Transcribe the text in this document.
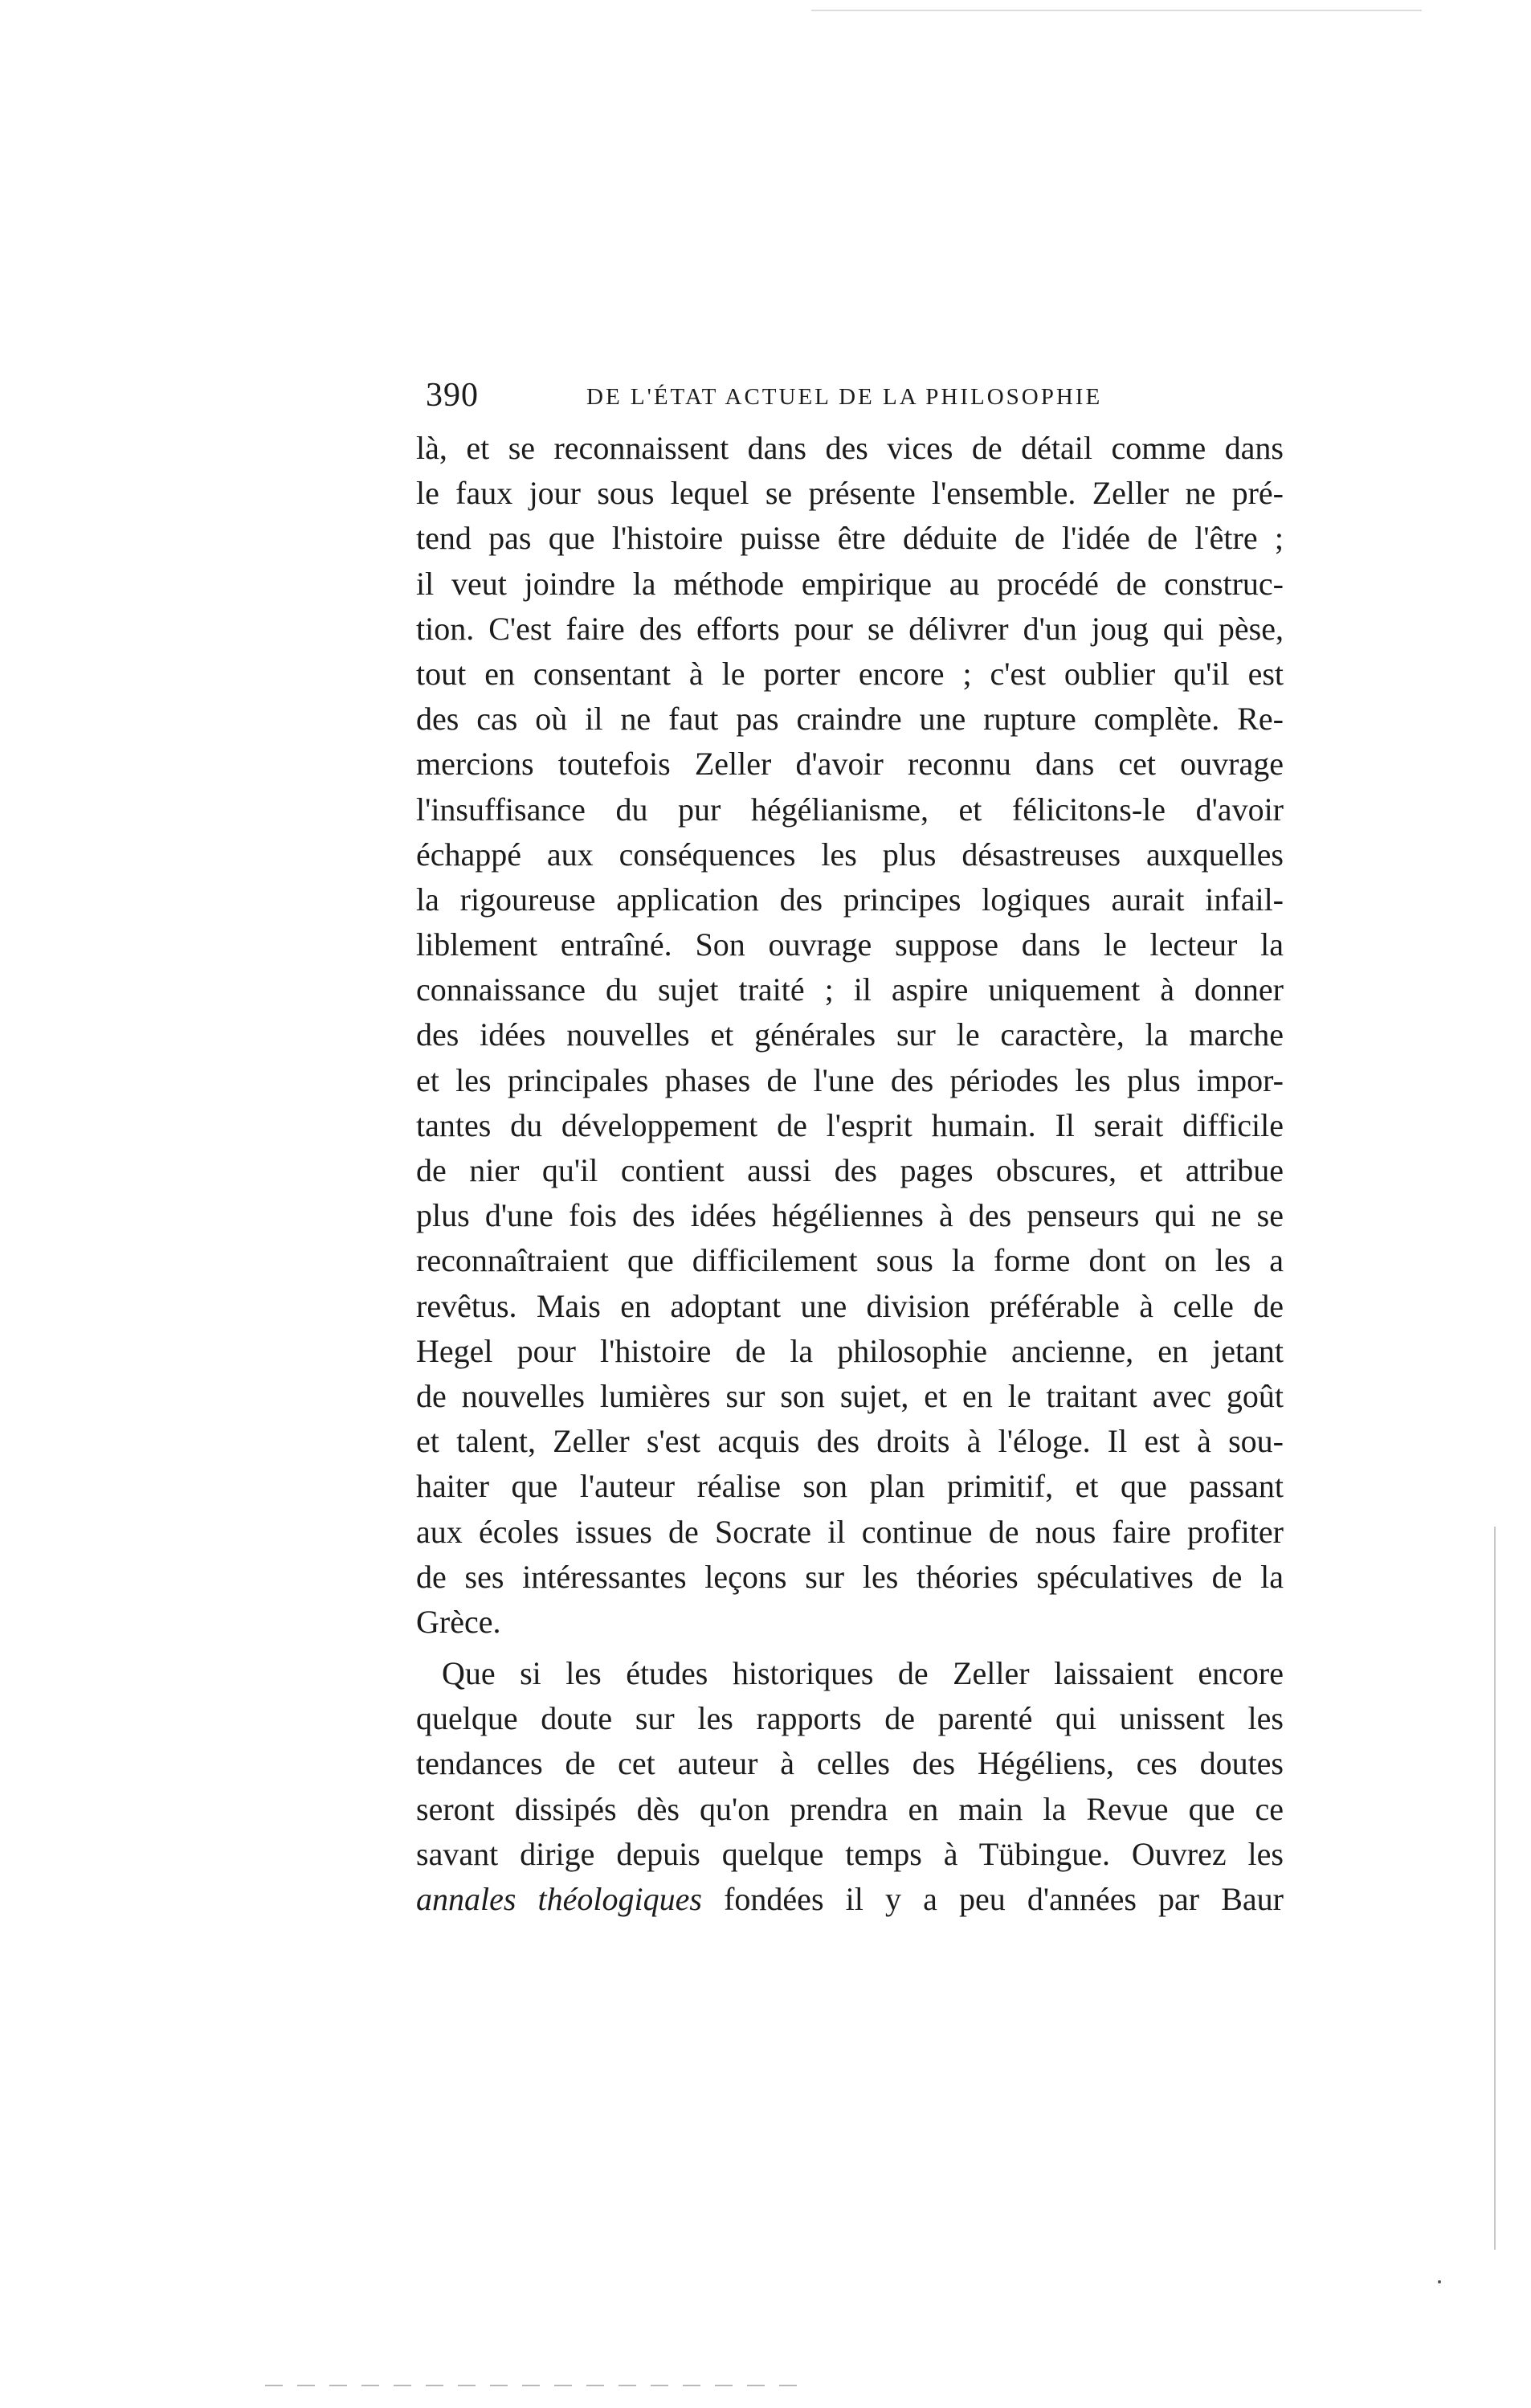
390	DE L'ÉTAT ACTUEL DE LA PHILOSOPHIE
là, et se reconnaissent dans des vices de détail comme dans
le faux jour sous lequel se présente l'ensemble. Zeller ne pré-
tend pas que l'histoire puisse être déduite de l'idée de l'être ;
il veut joindre la méthode empirique au procédé de construc-
tion. C'est faire des efforts pour se délivrer d'un joug qui pèse,
tout en consentant à le porter encore ; c'est oublier qu'il est
des cas où il ne faut pas craindre une rupture complète. Re-
mercions toutefois Zeller d'avoir reconnu dans cet ouvrage
l'insuffisance du pur hégélianisme, et félicitons-le d'avoir
échappé aux conséquences les plus désastreuses auxquelles
la rigoureuse application des principes logiques aurait infail-
liblement entraîné. Son ouvrage suppose dans le lecteur la
connaissance du sujet traité ; il aspire uniquement à donner
des idées nouvelles et générales sur le caractère, la marche
et les principales phases de l'une des périodes les plus impor-
tantes du développement de l'esprit humain. Il serait difficile
de nier qu'il contient aussi des pages obscures, et attribue
plus d'une fois des idées hégéliennes à des penseurs qui ne se
reconnaîtraient que difficilement sous la forme dont on les a
revêtus. Mais en adoptant une division préférable à celle de
Hegel pour l'histoire de la philosophie ancienne, en jetant
de nouvelles lumières sur son sujet, et en le traitant avec goût
et talent, Zeller s'est acquis des droits à l'éloge. Il est à sou-
haiter que l'auteur réalise son plan primitif, et que passant
aux écoles issues de Socrate il continue de nous faire profiter
de ses intéressantes leçons sur les théories spéculatives de la
Grèce.
Que si les études historiques de Zeller laissaient encore
quelque doute sur les rapports de parenté qui unissent les
tendances de cet auteur à celles des Hégéliens, ces doutes
seront dissipés dès qu'on prendra en main la Revue que ce
savant dirige depuis quelque temps à Tübingue. Ouvrez les
annales théologiques fondées il y a peu d'années par Baur
